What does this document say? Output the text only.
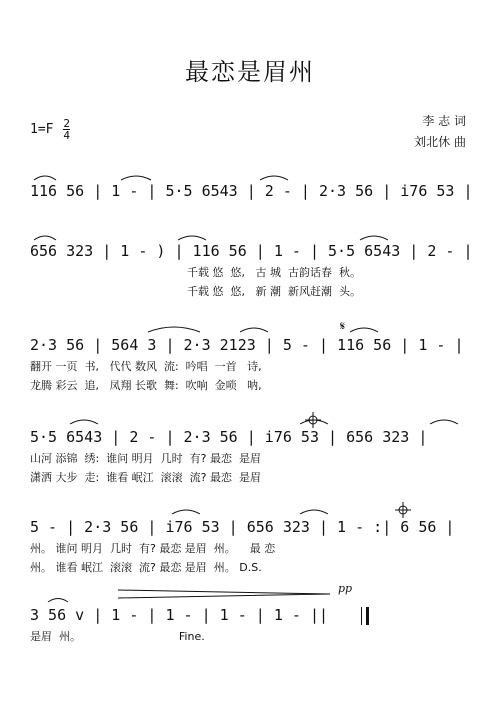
最恋是眉州
$1=F \frac{2}{4}$	李 志 词
刘北休 曲
116 56 | 1 - | 5·5 6543 | 2 - | 2·3 56 | i76 53 |
656 323 | 1 - ) | 116 56 | 1 - | 5·5 6543 | 2 - |
千载 悠  悠,   古 城  古韵话春  秋。
千载 悠  悠,   新 潮  新风赶潮  头。
2·3 56 | 564 3 | 2·3 2123 | 5 - | 116 56 | 1 - |
翻开 一页  书,   代代 数风  流:  吟唱  一首   诗,
龙腾 彩云  追,   凤翔 长歌  舞:  吹响  金唢   呐,
5·5 6543 | 2 - | 2·3 56 | i76 53 | 656 323 |
山河 添锦  绣:  谁问 明月  几时  有? 最恋  是眉
潇洒 大步  走:  谁看 岷江  滚滚  流? 最恋  是眉
5 - | 2·3 56 | i76 53 | 656 323 | 1 - :| 6 56 |
州。 谁问 明月  几时  有? 最恋 是眉  州。    最 恋
州。 谁看 岷江  滚滚  流? 最恋 是眉  州。 D.S.
3 56 v | 1 - | 1 - | 1 - | 1 - ||
是眉  州。                            Fine.
pp
𝄋
